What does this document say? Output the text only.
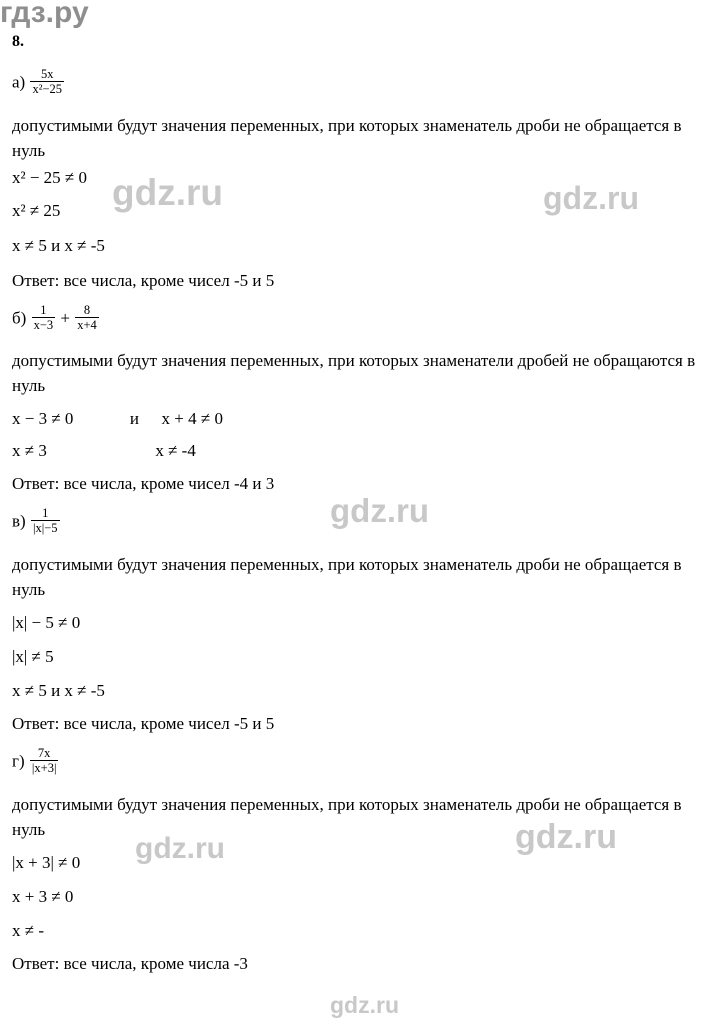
гдз.ру
8.
$а) \frac{5x}{\text{x²−25}}$
допустимыми будут значения переменных, при которых знаменатель дроби не обращается в нуль
x² − 25 ≠ 0
x² ≠ 25
x ≠ 5 и x ≠ -5
Ответ: все числа, кроме чисел -5 и 5
$б) \frac{1}{x-3} + \frac{8}{x+4}$
допустимыми будут значения переменных, при которых знаменатели дробей не обращаются в нуль
x − 3 ≠ 0	и x + 4 ≠ 0
x ≠ 3	x ≠ -4
Ответ: все числа, кроме чисел -4 и 3
$в) \frac{1}{|x|-5}$
допустимыми будут значения переменных, при которых знаменатель дроби не обращается в нуль
|x| − 5 ≠ 0
|x| ≠ 5
x ≠ 5 и x ≠ -5
Ответ: все числа, кроме чисел -5 и 5
$г) \frac{7x}{|x+3|}$
допустимыми будут значения переменных, при которых знаменатель дроби не обращается в нуль
|x + 3| ≠ 0
x + 3 ≠ 0
x ≠ -
Ответ: все числа, кроме числа -3
gdz.ru	gdz.ru
gdz.ru
gdz.ru	gdz.ru
gdz.ru
